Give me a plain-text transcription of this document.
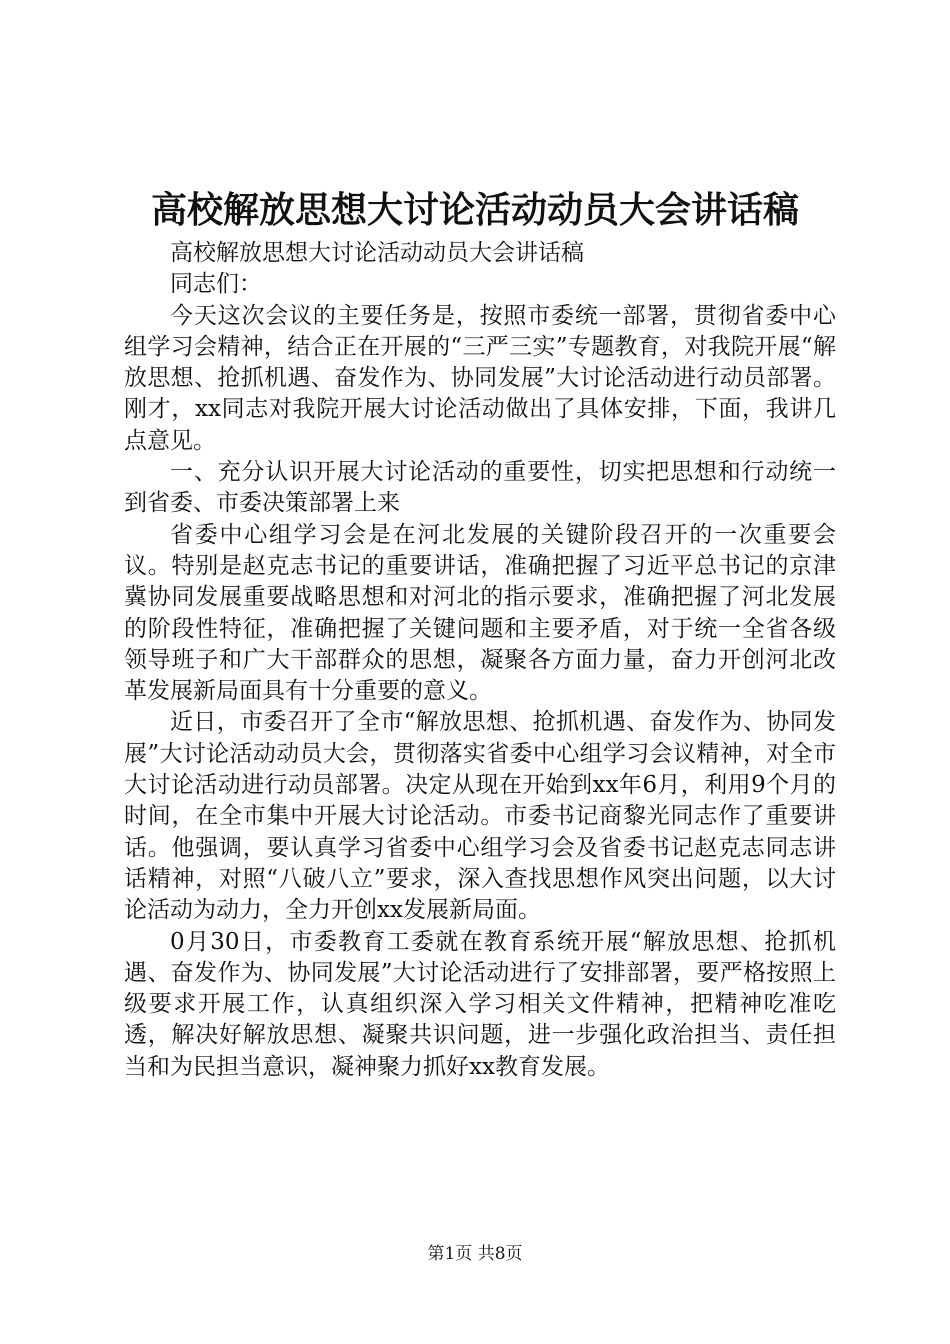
高校解放思想大讨论活动动员大会讲话稿

高校解放思想大讨论活动动员大会讲话稿

同志们：

今天这次会议的主要任务是，按照市委统一部署，贯彻省委中心组学习会精神，结合正在开展的“三严三实”专题教育，对我院开展“解放思想、抢抓机遇、奋发作为、协同发展”大讨论活动进行动员部署。刚才，xx同志对我院开展大讨论活动做出了具体安排，下面，我讲几点意见。

一、充分认识开展大讨论活动的重要性，切实把思想和行动统一到省委、市委决策部署上来

省委中心组学习会是在河北发展的关键阶段召开的一次重要会议。特别是赵克志书记的重要讲话，准确把握了习近平总书记的京津冀协同发展重要战略思想和对河北的指示要求，准确把握了河北发展的阶段性特征，准确把握了关键问题和主要矛盾，对于统一全省各级领导班子和广大干部群众的思想，凝聚各方面力量，奋力开创河北改革发展新局面具有十分重要的意义。

近日，市委召开了全市“解放思想、抢抓机遇、奋发作为、协同发展”大讨论活动动员大会，贯彻落实省委中心组学习会议精神，对全市大讨论活动进行动员部署。决定从现在开始到xx年6月，利用9个月的时间，在全市集中开展大讨论活动。市委书记商黎光同志作了重要讲话。他强调，要认真学习省委中心组学习会及省委书记赵克志同志讲话精神，对照“八破八立”要求，深入查找思想作风突出问题，以大讨论活动为动力，全力开创xx发展新局面。

0月30日，市委教育工委就在教育系统开展“解放思想、抢抓机遇、奋发作为、协同发展”大讨论活动进行了安排部署，要严格按照上级要求开展工作，认真组织深入学习相关文件精神，把精神吃准吃透，解决好解放思想、凝聚共识问题，进一步强化政治担当、责任担当和为民担当意识，凝神聚力抓好xx教育发展。

第1页 共8页
